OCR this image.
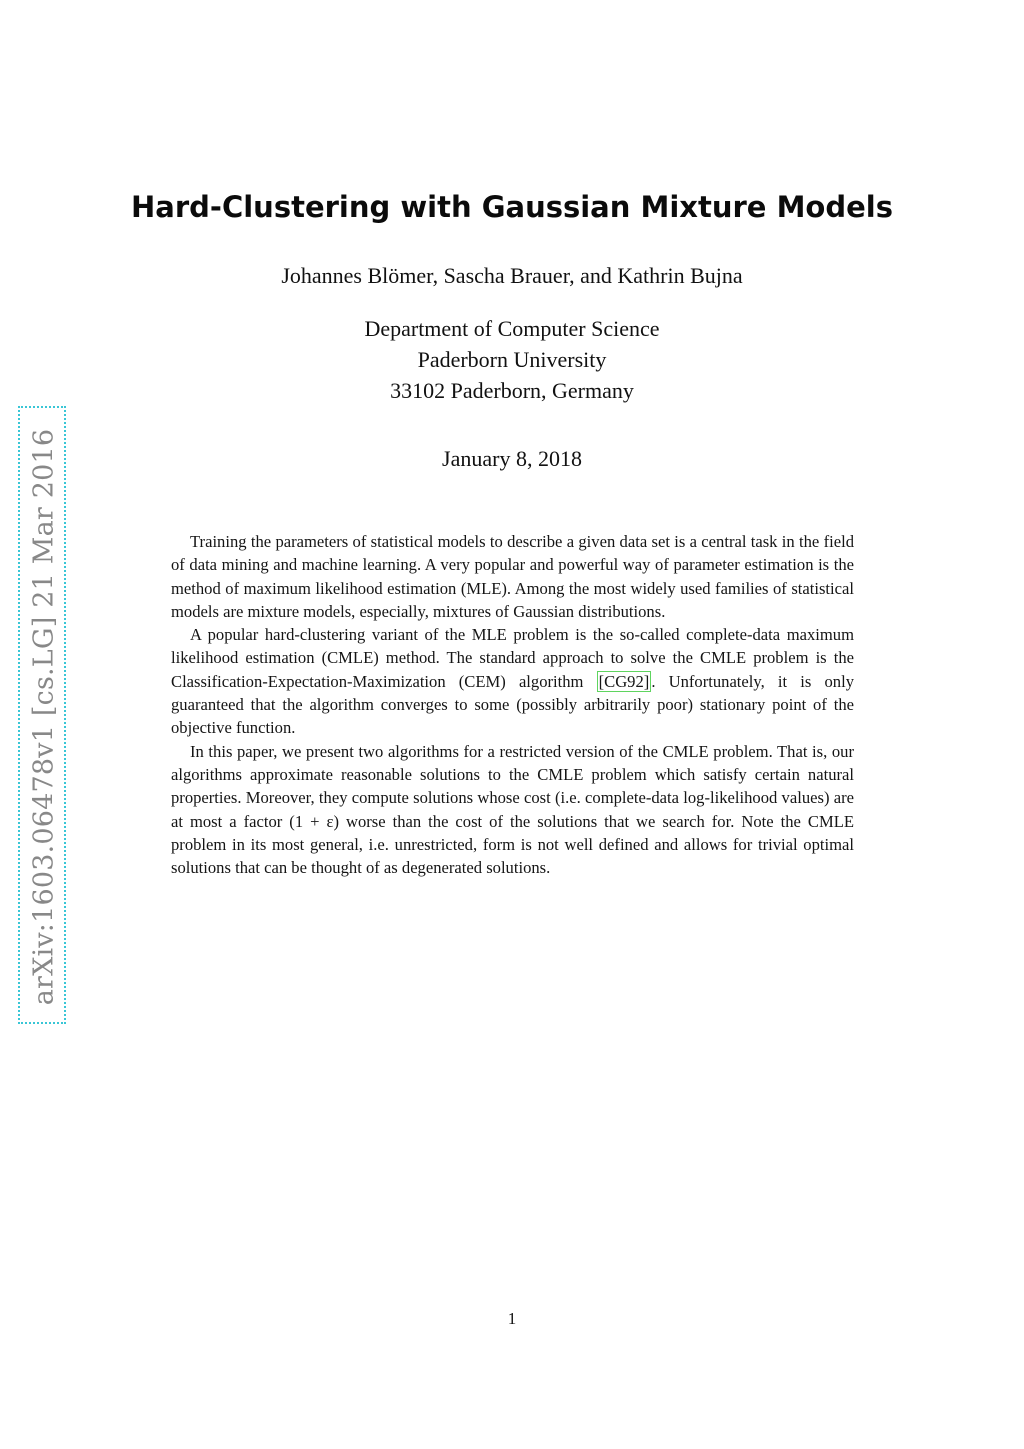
arXiv:1603.06478v1 [cs.LG] 21 Mar 2016
Hard-Clustering with Gaussian Mixture Models
Johannes Blömer, Sascha Brauer, and Kathrin Bujna
Department of Computer Science
Paderborn University
33102 Paderborn, Germany
January 8, 2018

Training the parameters of statistical models to describe a given data set is a central task in the field of data mining and machine learning. A very popular and powerful way of parameter estimation is the method of maximum likelihood estimation (MLE). Among the most widely used families of statistical models are mixture models, especially, mixtures of Gaussian distributions.

A popular hard-clustering variant of the MLE problem is the so-called complete-data maximum likelihood estimation (CMLE) method. The standard approach to solve the CMLE problem is the Classification-Expectation-Maximization (CEM) algorithm [CG92] . Unfortunately, it is only guaranteed that the algorithm converges to some (possibly arbitrarily poor) stationary point of the objective function.

In this paper, we present two algorithms for a restricted version of the CMLE problem. That is, our algorithms approximate reasonable solutions to the CMLE problem which satisfy certain natural properties. Moreover, they compute solutions whose cost (i.e. complete-data log-likelihood values) are at most a factor (1 + ε) worse than the cost of the solutions that we search for. Note the CMLE problem in its most general, i.e. unrestricted, form is not well defined and allows for trivial optimal solutions that can be thought of as degenerated solutions.

1
